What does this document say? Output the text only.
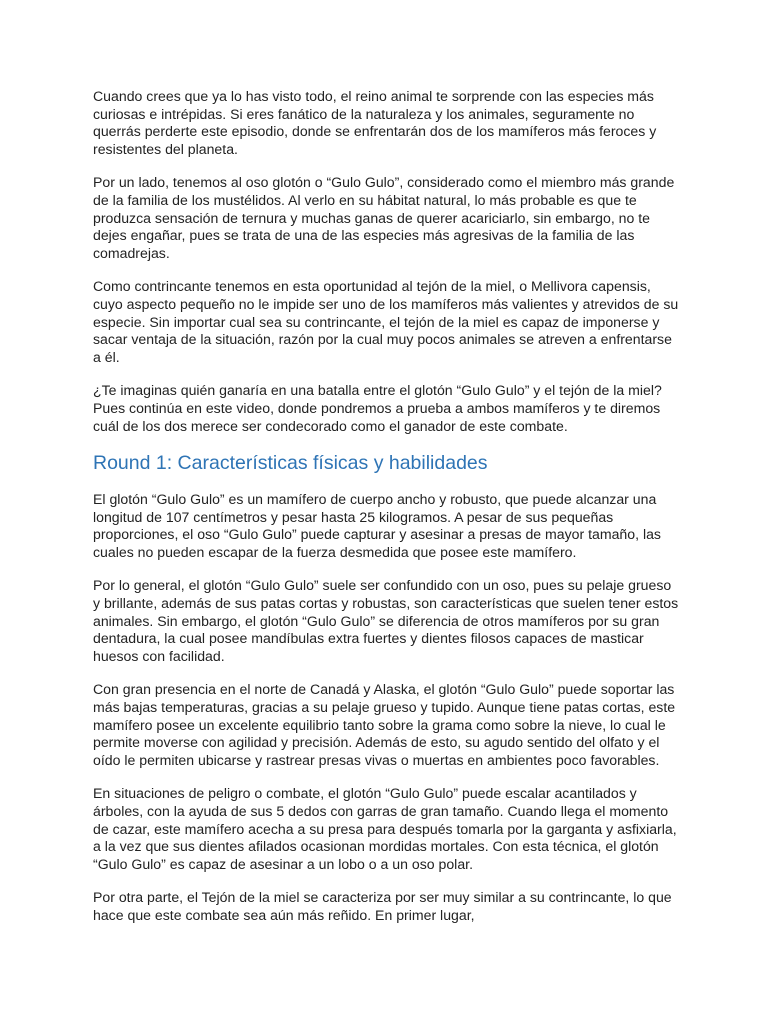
Cuando crees que ya lo has visto todo, el reino animal te sorprende con las especies más curiosas e intrépidas. Si eres fanático de la naturaleza y los animales, seguramente no querrás perderte este episodio, donde se enfrentarán dos de los mamíferos más feroces y resistentes del planeta.

Por un lado, tenemos al oso glotón o “Gulo Gulo”, considerado como el miembro más grande de la familia de los mustélidos. Al verlo en su hábitat natural, lo más probable es que te produzca sensación de ternura y muchas ganas de querer acariciarlo, sin embargo, no te dejes engañar, pues se trata de una de las especies más agresivas de la familia de las comadrejas.

Como contrincante tenemos en esta oportunidad al tejón de la miel, o Mellivora capensis, cuyo aspecto pequeño no le impide ser uno de los mamíferos más valientes y atrevidos de su especie. Sin importar cual sea su contrincante, el tejón de la miel es capaz de imponerse y sacar ventaja de la situación, razón por la cual muy pocos animales se atreven a enfrentarse a él.

¿Te imaginas quién ganaría en una batalla entre el glotón “Gulo Gulo” y el tejón de la miel? Pues continúa en este video, donde pondremos a prueba a ambos mamíferos y te diremos cuál de los dos merece ser condecorado como el ganador de este combate.

Round 1: Características físicas y habilidades

El glotón “Gulo Gulo” es un mamífero de cuerpo ancho y robusto, que puede alcanzar una longitud de 107 centímetros y pesar hasta 25 kilogramos. A pesar de sus pequeñas proporciones, el oso “Gulo Gulo” puede capturar y asesinar a presas de mayor tamaño, las cuales no pueden escapar de la fuerza desmedida que posee este mamífero.

Por lo general, el glotón “Gulo Gulo” suele ser confundido con un oso, pues su pelaje grueso y brillante, además de sus patas cortas y robustas, son características que suelen tener estos animales. Sin embargo, el glotón “Gulo Gulo” se diferencia de otros mamíferos por su gran dentadura, la cual posee mandíbulas extra fuertes y dientes filosos capaces de masticar huesos con facilidad.

Con gran presencia en el norte de Canadá y Alaska, el glotón “Gulo Gulo” puede soportar las más bajas temperaturas, gracias a su pelaje grueso y tupido. Aunque tiene patas cortas, este mamífero posee un excelente equilibrio tanto sobre la grama como sobre la nieve, lo cual le permite moverse con agilidad y precisión. Además de esto, su agudo sentido del olfato y el oído le permiten ubicarse y rastrear presas vivas o muertas en ambientes poco favorables.

En situaciones de peligro o combate, el glotón “Gulo Gulo” puede escalar acantilados y árboles, con la ayuda de sus 5 dedos con garras de gran tamaño. Cuando llega el momento de cazar, este mamífero acecha a su presa para después tomarla por la garganta y asfixiarla, a la vez que sus dientes afilados ocasionan mordidas mortales. Con esta técnica, el glotón “Gulo Gulo” es capaz de asesinar a un lobo o a un oso polar.

Por otra parte, el Tejón de la miel se caracteriza por ser muy similar a su contrincante, lo que hace que este combate sea aún más reñido. En primer lugar,
